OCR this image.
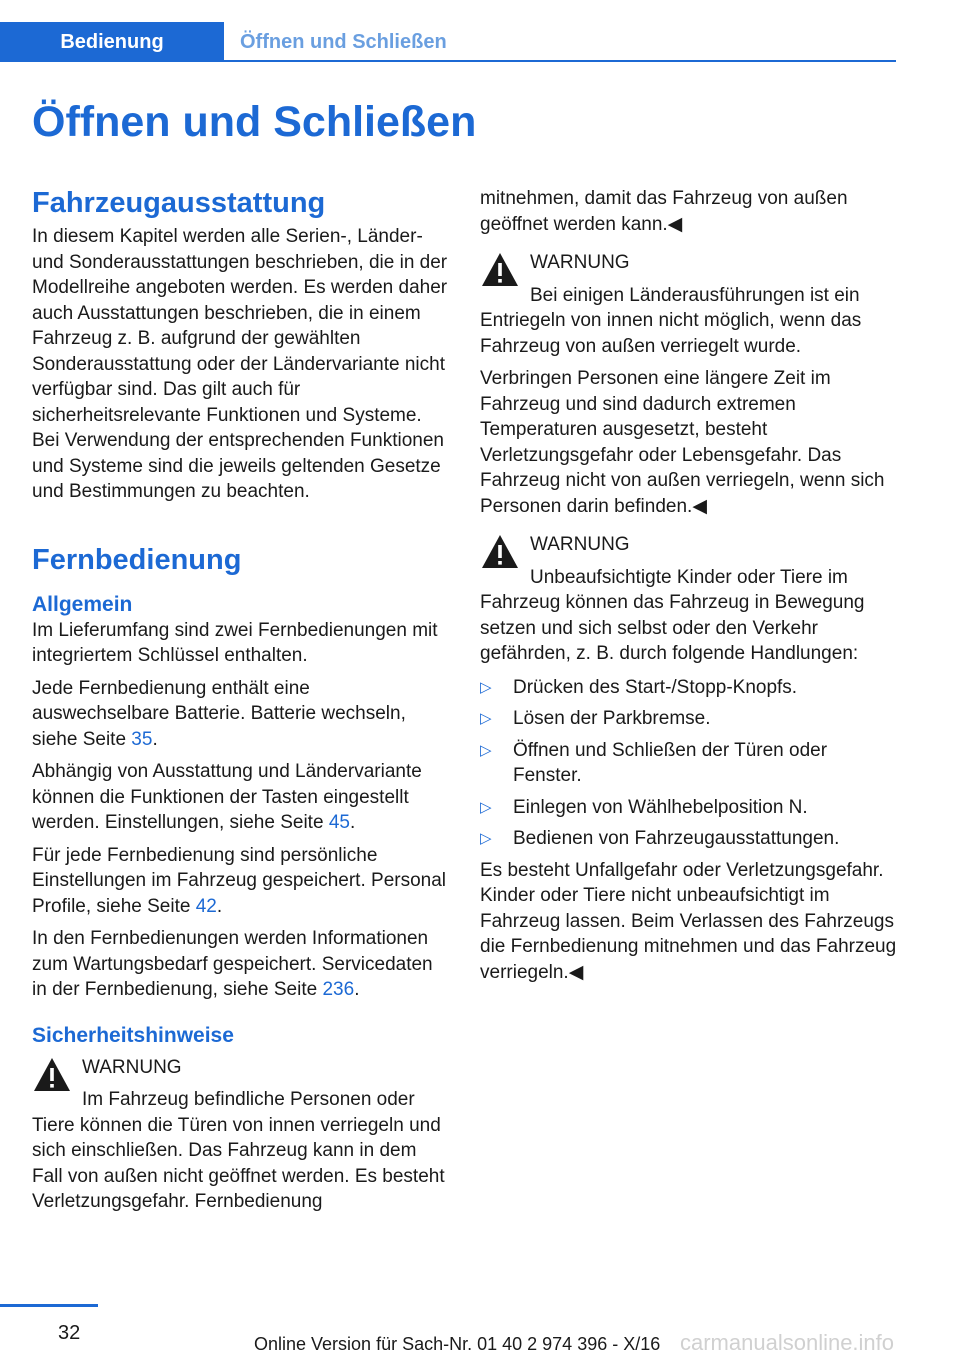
Bedienung	Öffnen und Schließen
Öffnen und Schließen
Fahrzeugausstattung

In diesem Kapitel werden alle Serien-, Länder- und Sonderausstattungen beschrieben, die in der Modellreihe angeboten werden. Es werden daher auch Ausstattungen beschrieben, die in einem Fahrzeug z. B. aufgrund der gewählten Sonderausstattung oder der Ländervariante nicht verfügbar sind. Das gilt auch für sicherheitsrelevante Funktionen und Systeme. Bei Verwendung der entsprechenden Funktionen und Systeme sind die jeweils geltenden Gesetze und Bestimmungen zu beachten.

Fernbedienung
Allgemein

Im Lieferumfang sind zwei Fernbedienungen mit integriertem Schlüssel enthalten.

Jede Fernbedienung enthält eine auswechselbare Batterie. Batterie wechseln, siehe Seite 35.

Abhängig von Ausstattung und Ländervariante können die Funktionen der Tasten eingestellt werden. Einstellungen, siehe Seite 45.

Für jede Fernbedienung sind persönliche Einstellungen im Fahrzeug gespeichert. Personal Profile, siehe Seite 42.

In den Fernbedienungen werden Informationen zum Wartungsbedarf gespeichert. Servicedaten in der Fernbedienung, siehe Seite 236.

Sicherheitshinweise
WARNUNG

Im Fahrzeug befindliche Personen oder Tiere können die Türen von innen verriegeln und sich einschließen. Das Fahrzeug kann in dem Fall von außen nicht geöffnet werden. Es besteht Verletzungsgefahr. Fernbedienung

mitnehmen, damit das Fahrzeug von außen geöffnet werden kann.◀

WARNUNG

Bei einigen Länderausführungen ist ein Entriegeln von innen nicht möglich, wenn das Fahrzeug von außen verriegelt wurde.

Verbringen Personen eine längere Zeit im Fahrzeug und sind dadurch extremen Temperaturen ausgesetzt, besteht Verletzungsgefahr oder Lebensgefahr. Das Fahrzeug nicht von außen verriegeln, wenn sich Personen darin befinden.◀

WARNUNG

Unbeaufsichtigte Kinder oder Tiere im Fahrzeug können das Fahrzeug in Bewegung setzen und sich selbst oder den Verkehr gefährden, z. B. durch folgende Handlungen:

▷ Drücken des Start-/Stopp-Knopfs.
▷ Lösen der Parkbremse.
▷ Öffnen und Schließen der Türen oder Fenster.
▷ Einlegen von Wählhebelposition N.
▷ Bedienen von Fahrzeugausstattungen.

Es besteht Unfallgefahr oder Verletzungsgefahr. Kinder oder Tiere nicht unbeaufsichtigt im Fahrzeug lassen. Beim Verlassen des Fahrzeugs die Fernbedienung mitnehmen und das Fahrzeug verriegeln.◀

32	Online Version für Sach-Nr. 01 40 2 974 396 - X/16 carmanualsonline.info
